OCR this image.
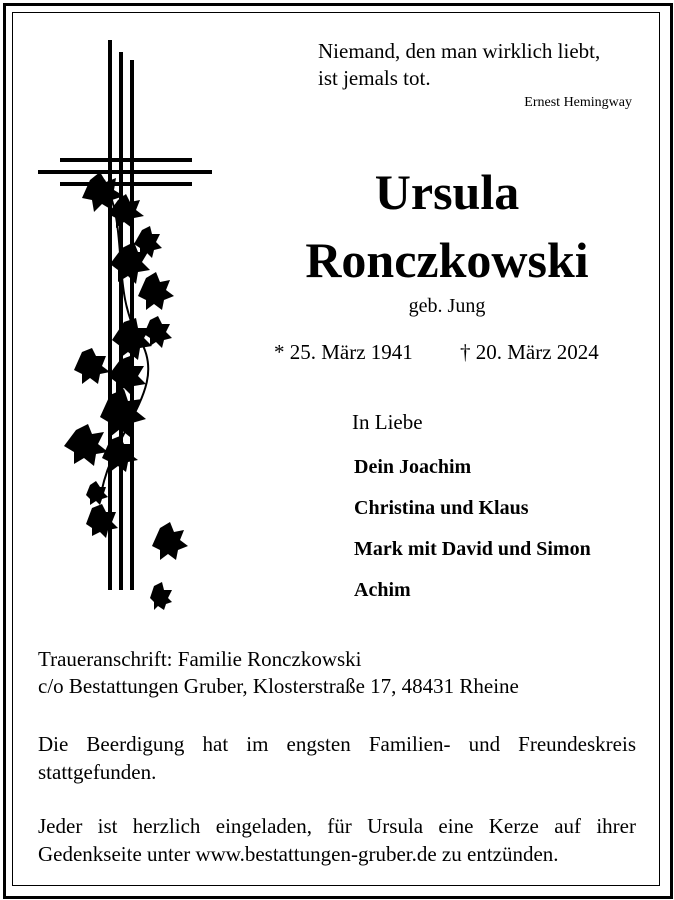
Niemand, den man wirklich liebt,
ist jemals tot.
Ernest Hemingway
Ursula
Ronczkowski
geb. Jung
* 25. März 1941 † 20. März 2024
In Liebe
Dein Joachim
Christina und Klaus
Mark mit David und Simon
Achim
Traueranschrift: Familie Ronczkowski
c/o Bestattungen Gruber, Klosterstraße 17, 48431 Rheine
Die Beerdigung hat im engsten Familien- und Freundeskreis stattgefunden.
Jeder ist herzlich eingeladen, für Ursula eine Kerze auf ihrer Gedenkseite unter www.bestattungen-gruber.de zu entzünden.
